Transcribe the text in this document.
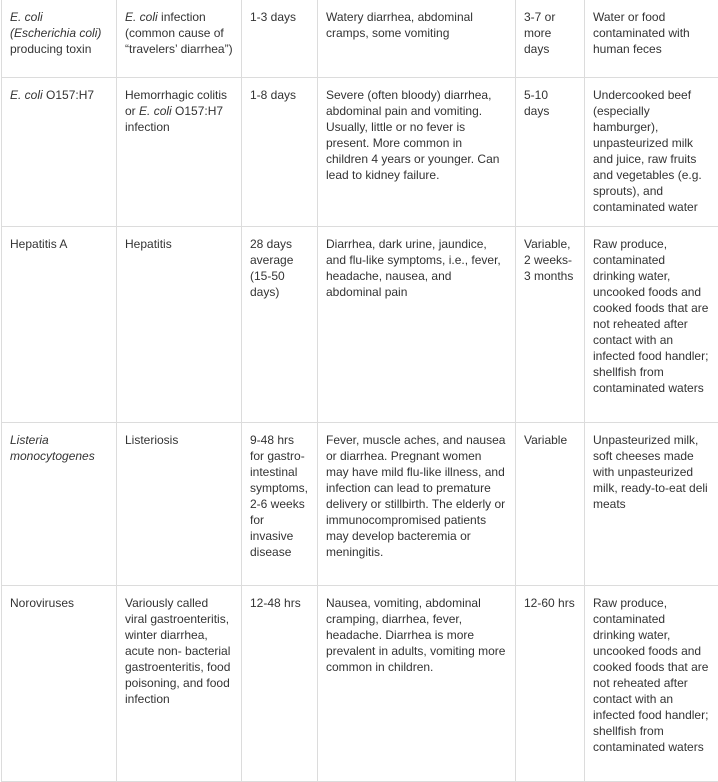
E. coli
(Escherichia coli)
producing toxin	E. coli infection (common cause of “travelers’ diarrhea”)	1-3 days	Watery diarrhea, abdominal cramps, some vomiting	3-7 or more days	Water or food contaminated with human feces
E. coli O157:H7	Hemorrhagic colitis or E. coli O157:H7 infection	1-8 days	Severe (often bloody) diarrhea, abdominal pain and vomiting. Usually, little or no fever is present. More common in children 4 years or younger. Can lead to kidney failure.	5-10 days	Undercooked beef (especially hamburger), unpasteurized milk and juice, raw fruits and vegetables (e.g. sprouts), and contaminated water
Hepatitis A	Hepatitis	28 days average (15-50 days)	Diarrhea, dark urine, jaundice, and flu-like symptoms, i.e., fever, headache, nausea, and abdominal pain	Variable, 2 weeks-3 months	Raw produce, contaminated drinking water, uncooked foods and cooked foods that are not reheated after contact with an infected food handler; shellfish from contaminated waters
Listeria monocytogenes	Listeriosis	9-48 hrs for gastro-intestinal symptoms, 2-6 weeks for invasive disease	Fever, muscle aches, and nausea or diarrhea. Pregnant women may have mild flu-like illness, and infection can lead to premature delivery or stillbirth. The elderly or immunocompromised patients may develop bacteremia or meningitis.	Variable	Unpasteurized milk, soft cheeses made with unpasteurized milk, ready-to-eat deli meats
Noroviruses	Variously called viral gastroenteritis, winter diarrhea, acute non- bacterial gastroenteritis, food poisoning, and food infection	12-48 hrs	Nausea, vomiting, abdominal cramping, diarrhea, fever, headache. Diarrhea is more prevalent in adults, vomiting more common in children.	12-60 hrs	Raw produce, contaminated drinking water, uncooked foods and cooked foods that are not reheated after contact with an infected food handler; shellfish from contaminated waters
